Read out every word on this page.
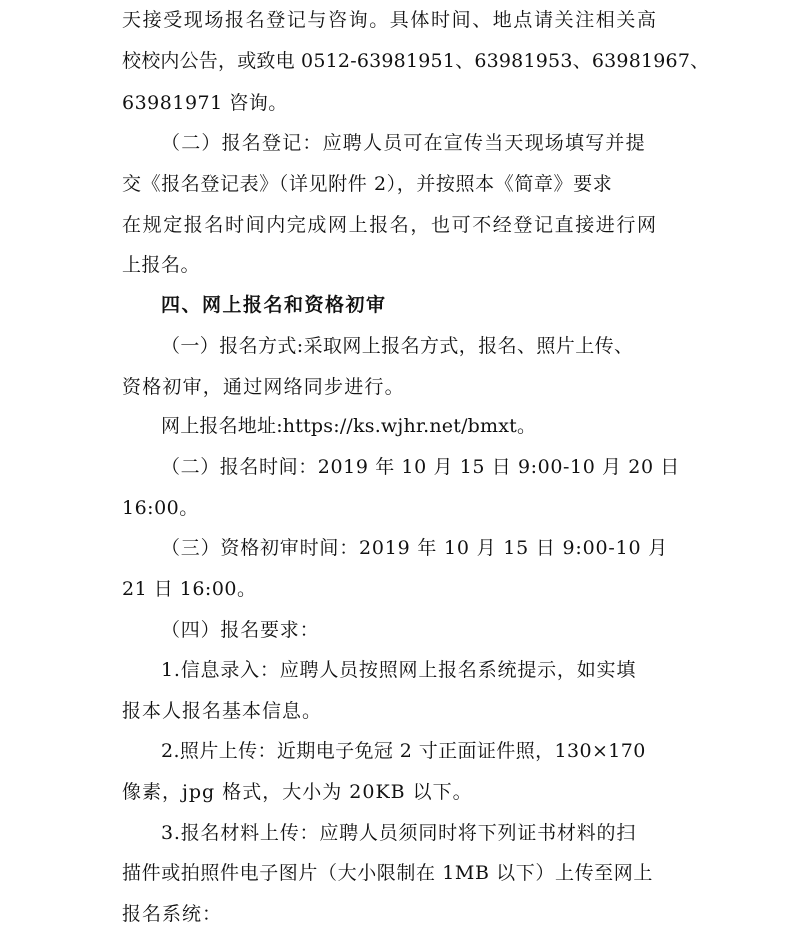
天接受现场报名登记与咨询。具体时间、地点请关注相关高
校校内公告，或致电 0512-63981951、63981953、63981967、
63981971 咨询。
（二）报名登记：应聘人员可在宣传当天现场填写并提
交《报名登记表》（详见附件 2），并按照本《简章》要求
在规定报名时间内完成网上报名，也可不经登记直接进行网
上报名。
四、网上报名和资格初审
（一）报名方式:采取网上报名方式，报名、照片上传、
资格初审，通过网络同步进行。
网上报名地址:https://ks.wjhr.net/bmxt。
（二）报名时间：2019 年 10 月 15 日 9:00-10 月 20 日
16:00。
（三）资格初审时间：2019 年 10 月 15 日 9:00-10 月
21 日 16:00。
（四）报名要求：
1.信息录入：应聘人员按照网上报名系统提示，如实填
报本人报名基本信息。
2.照片上传：近期电子免冠 2 寸正面证件照，130×170
像素，jpg 格式，大小为 20KB 以下。
3.报名材料上传：应聘人员须同时将下列证书材料的扫
描件或拍照件电子图片（大小限制在 1MB 以下）上传至网上
报名系统：
